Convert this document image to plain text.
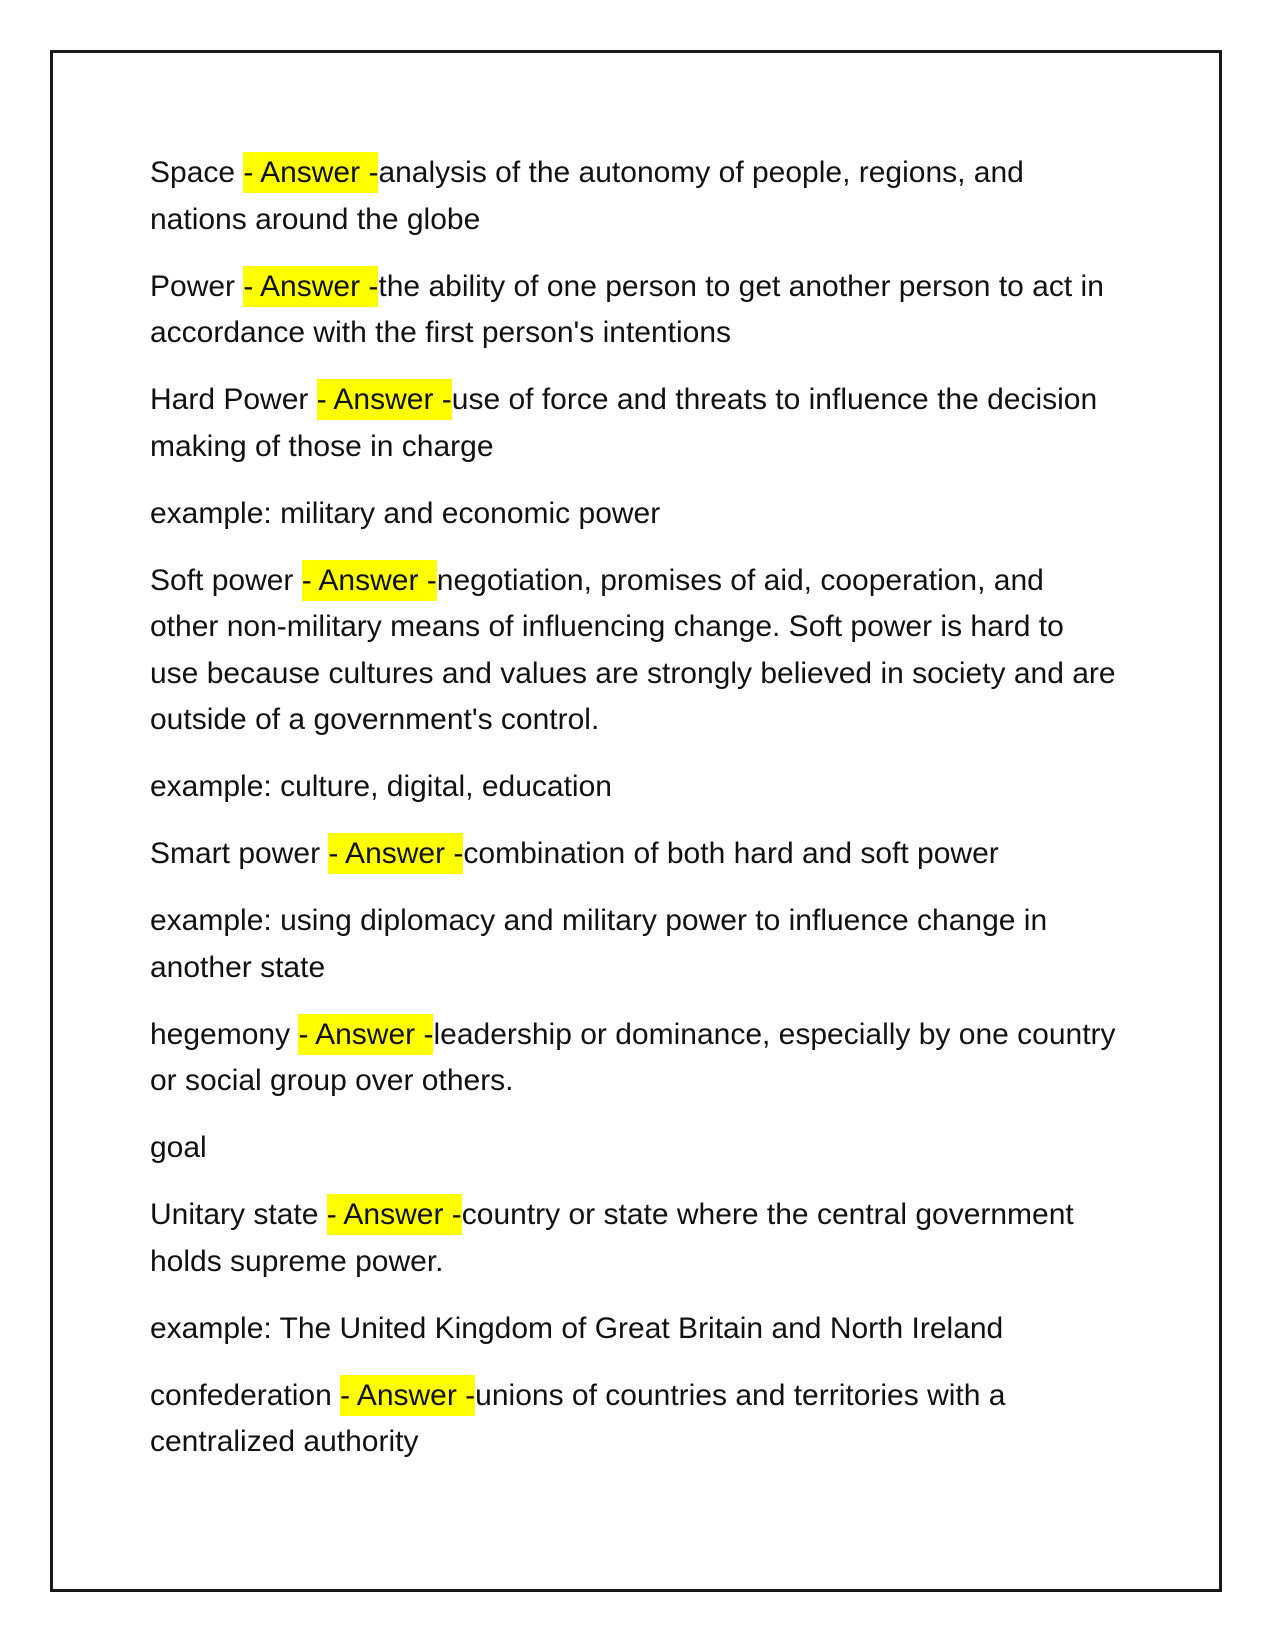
Space - Answer -analysis of the autonomy of people, regions, and nations around the globe

Power - Answer -the ability of one person to get another person to act in accordance with the first person's intentions

Hard Power - Answer -use of force and threats to influence the decision making of those in charge

example: military and economic power

Soft power - Answer -negotiation, promises of aid, cooperation, and other non-military means of influencing change. Soft power is hard to use because cultures and values are strongly believed in society and are outside of a government's control.

example: culture, digital, education

Smart power - Answer -combination of both hard and soft power

example: using diplomacy and military power to influence change in another state

hegemony - Answer -leadership or dominance, especially by one country or social group over others.

goal

Unitary state - Answer -country or state where the central government holds supreme power.

example: The United Kingdom of Great Britain and North Ireland

confederation - Answer -unions of countries and territories with a centralized authority
